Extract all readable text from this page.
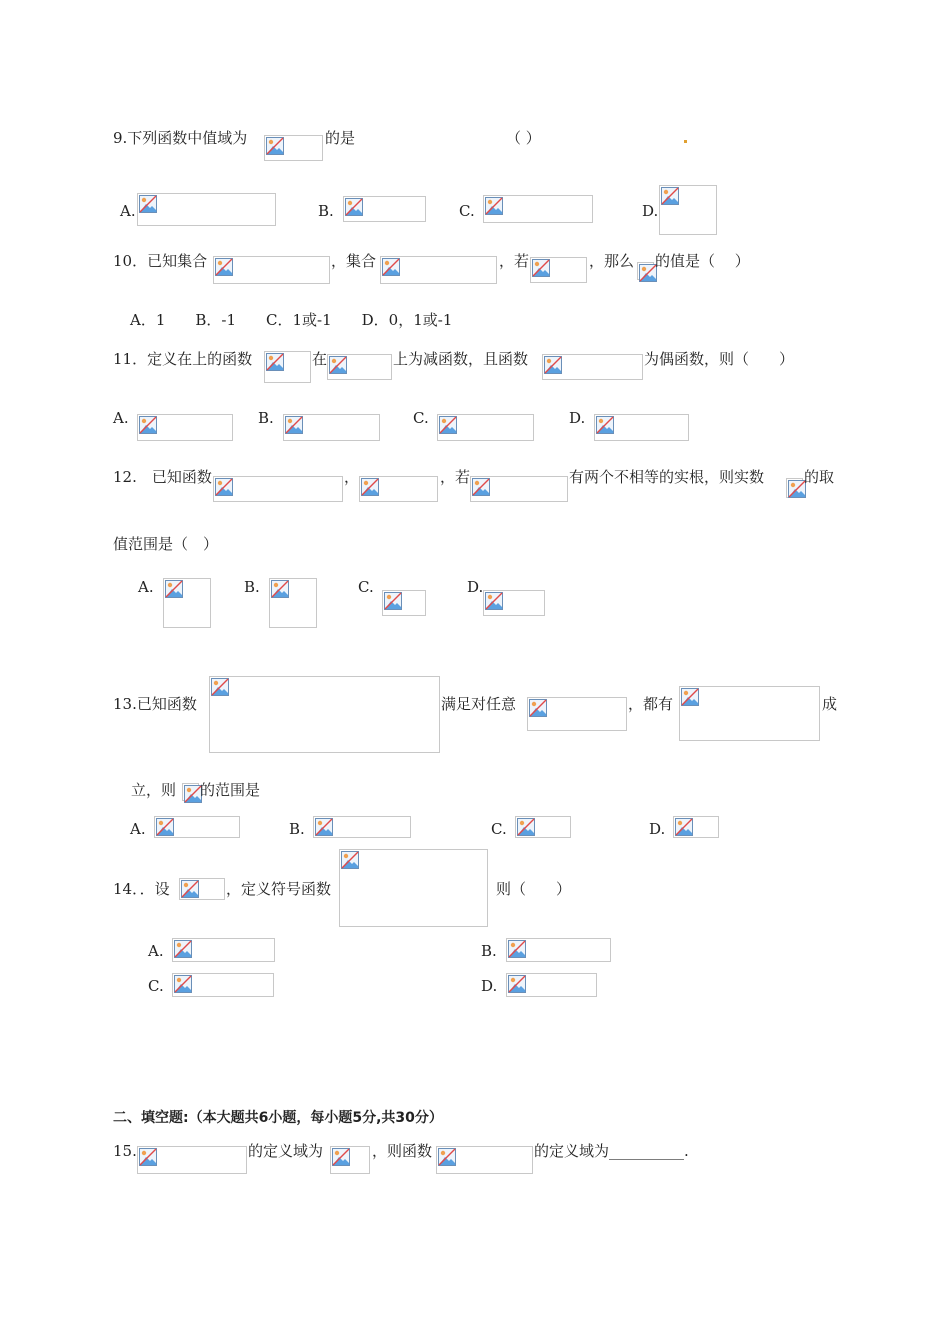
9.下列函数中值域为	的是	（ ）
A.	B.	C.	D.
10．已知集合	，集合	，若	，那么 的值是（　 ）
A．1　　B．-1　　C．1或-1　　D．0，1或-1
11．定义在上的函数	在	上为减函数，且函数	为偶函数，则（　　）
A.	B.	C.	D.
12.　已知函数	，	，若	有两个不相等的实根，则实数	的取
值范围是（　）
A.	B.	C.	D.
13.已知函数	满足对任意	，都有	成
立，则 的范围是
A.	B.	C.	D.
14．．设	，定义符号函数	则（　　）
A.	B.
C.	D.
二、填空题:（本大题共6小题，每小题5分,共30分）
15.	的定义域为	，则函数	的定义域为__________.
